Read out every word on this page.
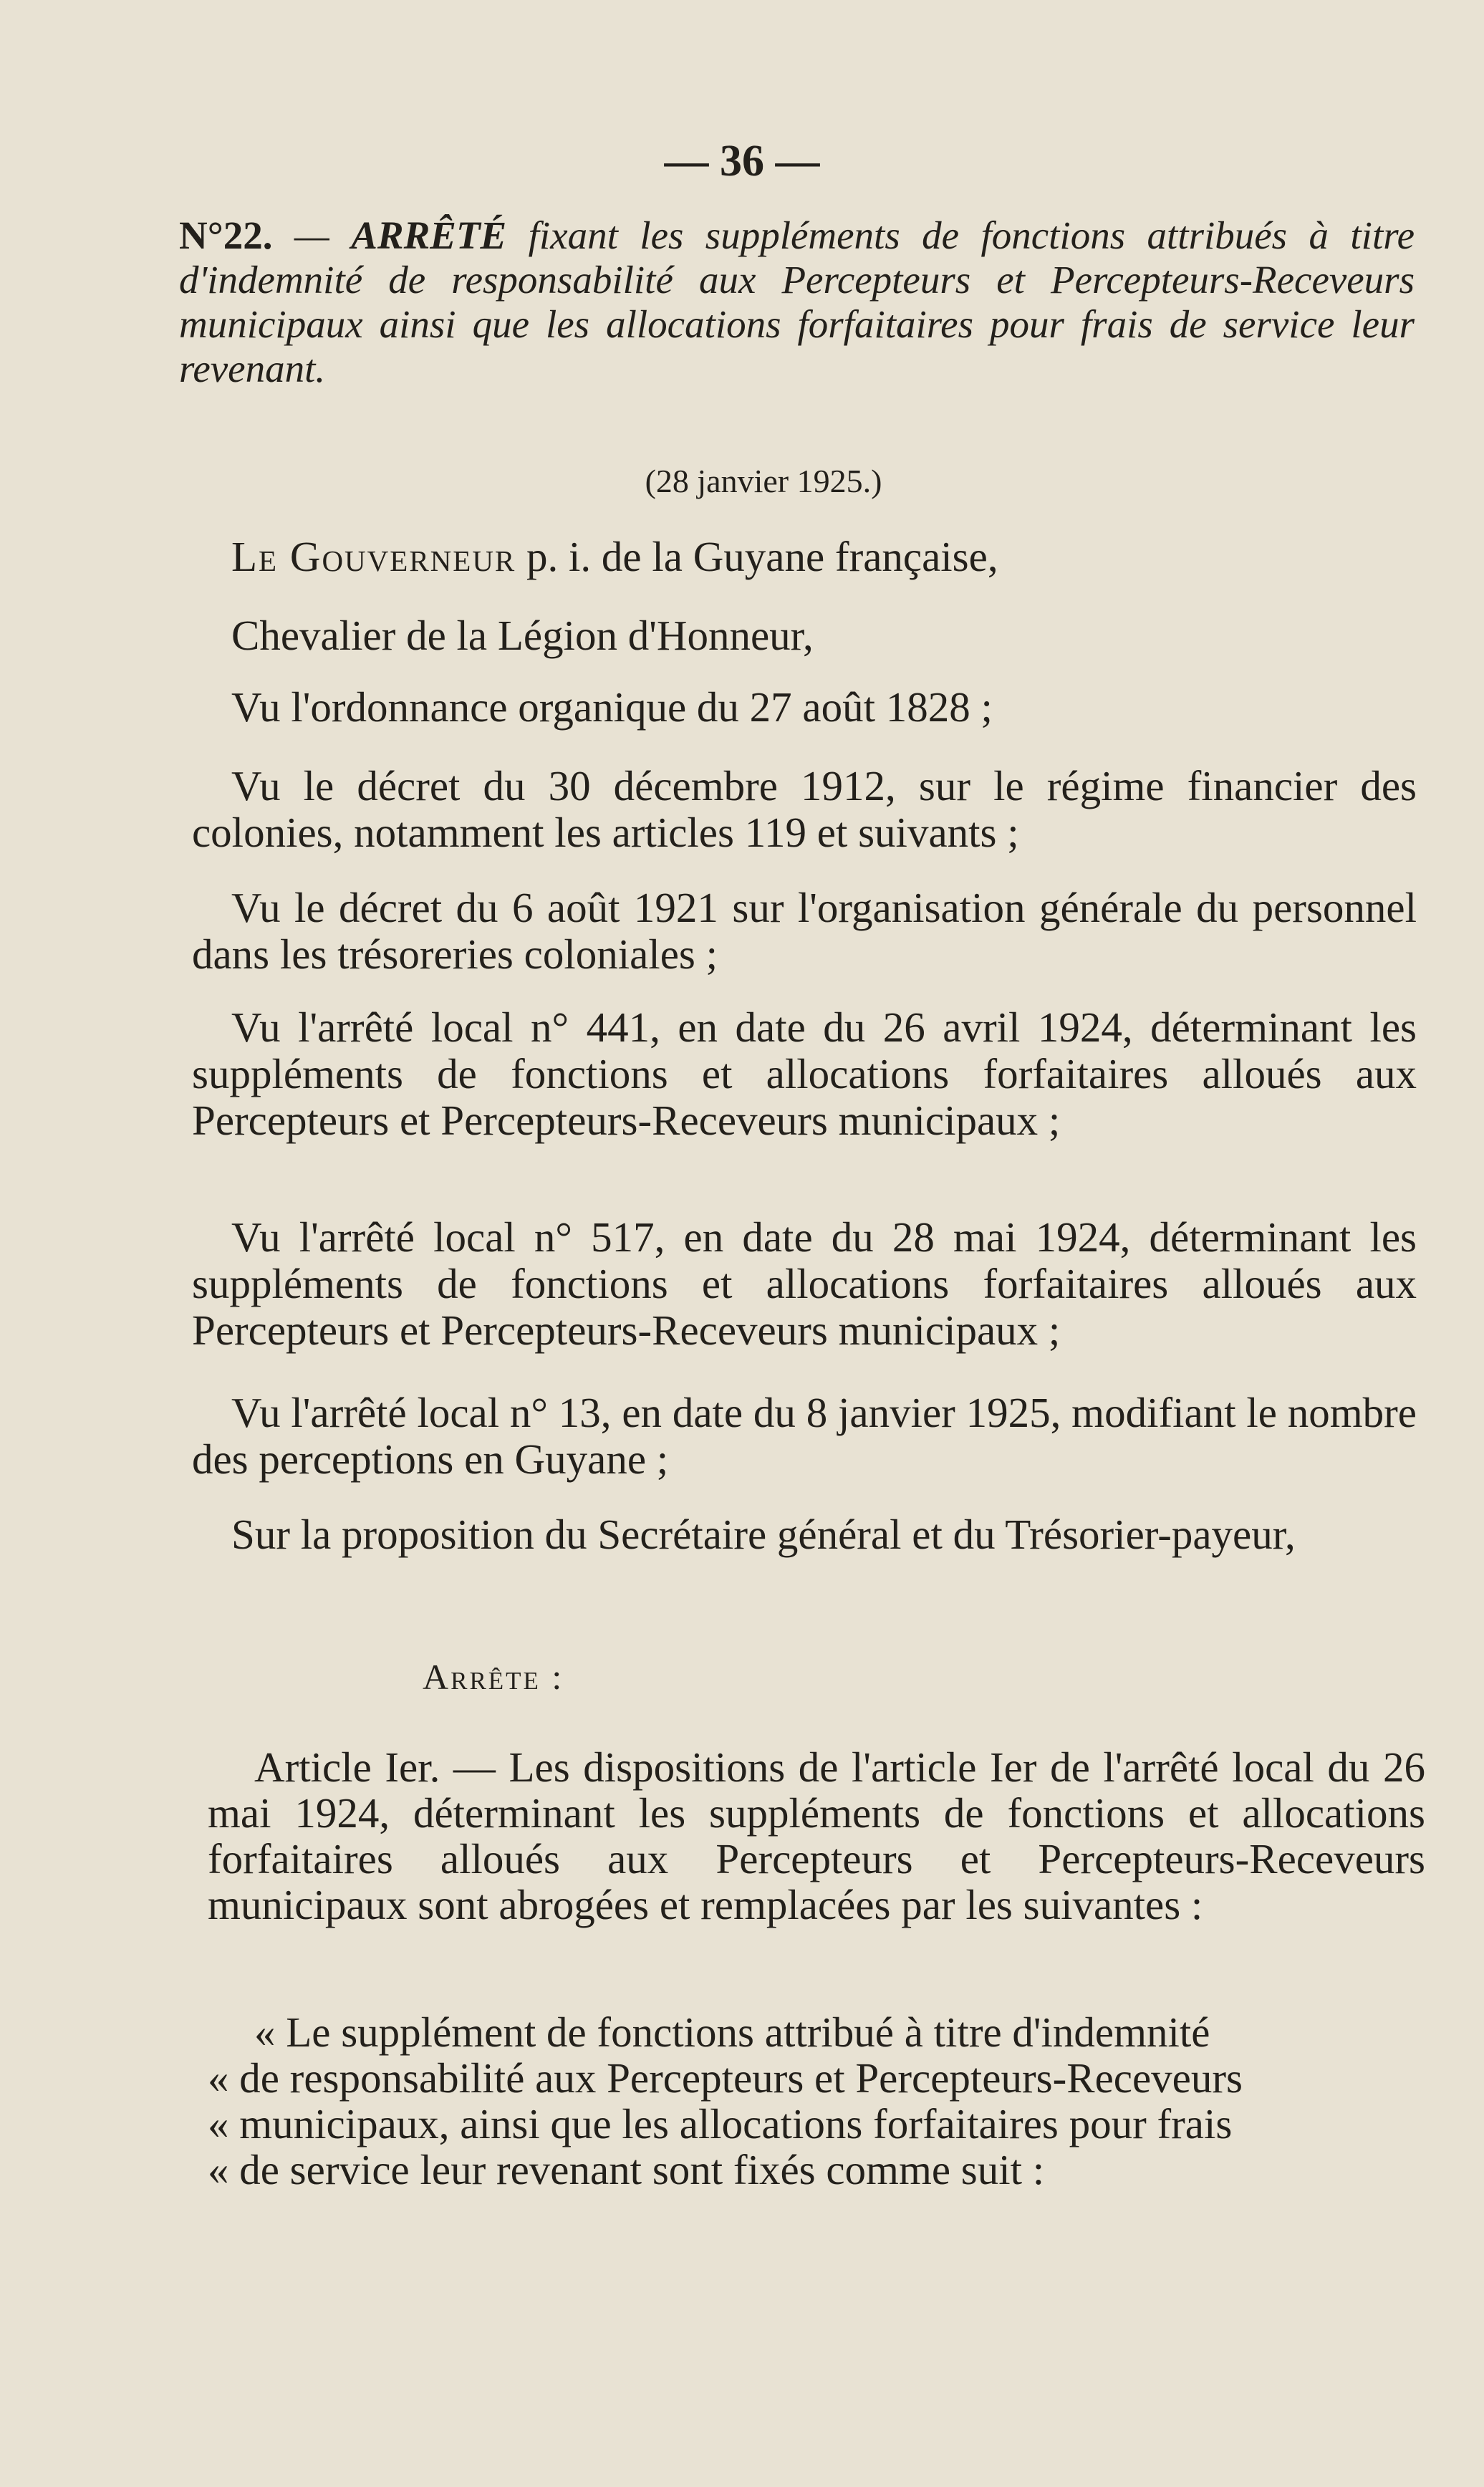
— 36 —

N°22. — ARRÊTÉ fixant les suppléments de fonctions attribués à titre d'indemnité de responsabilité aux Percepteurs et Percepteurs-Receveurs municipaux ainsi que les allocations forfaitaires pour frais de service leur revenant.

(28 janvier 1925.)

Le Gouverneur p. i. de la Guyane française,

Chevalier de la Légion d'Honneur,

Vu l'ordonnance organique du 27 août 1828 ;

Vu le décret du 30 décembre 1912, sur le régime financier des colonies, notamment les articles 119 et suivants ;

Vu le décret du 6 août 1921 sur l'organisation générale du personnel dans les trésoreries coloniales ;

Vu l'arrêté local n° 441, en date du 26 avril 1924, déterminant les suppléments de fonctions et allocations forfaitaires alloués aux Percepteurs et Percepteurs-Receveurs municipaux ;

Vu l'arrêté local n° 517, en date du 28 mai 1924, déterminant les suppléments de fonctions et allocations forfaitaires alloués aux Percepteurs et Percepteurs-Receveurs municipaux ;

Vu l'arrêté local n° 13, en date du 8 janvier 1925, modifiant le nombre des perceptions en Guyane ;

Sur la proposition du Secrétaire général et du Trésorier-payeur,

Arrête :

Article Ier. — Les dispositions de l'article Ier de l'arrêté local du 26 mai 1924, déterminant les suppléments de fonctions et allocations forfaitaires alloués aux Percepteurs et Percepteurs-Receveurs municipaux sont abrogées et remplacées par les suivantes :

« Le supplément de fonctions attribué à titre d'indemnité

« de responsabilité aux Percepteurs et Percepteurs-Receveurs

« municipaux, ainsi que les allocations forfaitaires pour frais

« de service leur revenant sont fixés comme suit :
